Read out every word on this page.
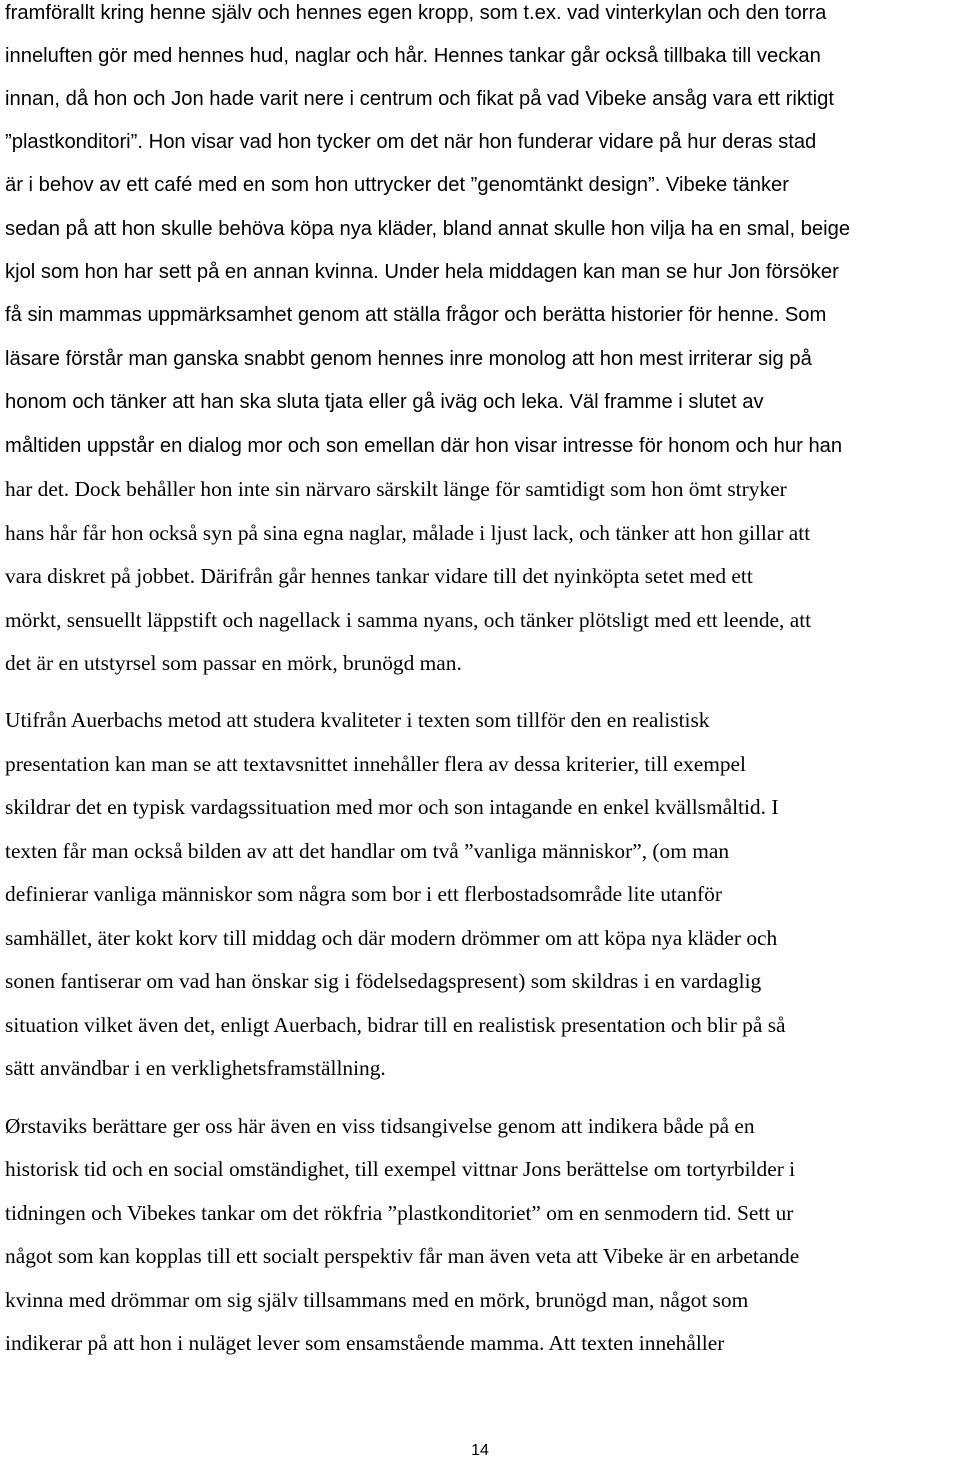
framförallt kring henne själv och hennes egen kropp, som t.ex. vad vinterkylan och den torra
inneluften gör med hennes hud, naglar och hår. Hennes tankar går också tillbaka till veckan
innan, då hon och Jon hade varit nere i centrum och fikat på vad Vibeke ansåg vara ett riktigt
”plastkonditori”. Hon visar vad hon tycker om det när hon funderar vidare på hur deras stad
är i behov av ett café med en som hon uttrycker det ”genomtänkt design”. Vibeke tänker
sedan på att hon skulle behöva köpa nya kläder, bland annat skulle hon vilja ha en smal, beige
kjol som hon har sett på en annan kvinna. Under hela middagen kan man se hur Jon försöker
få sin mammas uppmärksamhet genom att ställa frågor och berätta historier för henne. Som
läsare förstår man ganska snabbt genom hennes inre monolog att hon mest irriterar sig på
honom och tänker att han ska sluta tjata eller gå iväg och leka. Väl framme i slutet av
måltiden uppstår en dialog mor och son emellan där hon visar intresse för honom och hur han
har det. Dock behåller hon inte sin närvaro särskilt länge för samtidigt som hon ömt stryker
hans hår får hon också syn på sina egna naglar, målade i ljust lack, och tänker att hon gillar att
vara diskret på jobbet. Därifrån går hennes tankar vidare till det nyinköpta setet med ett
mörkt, sensuellt läppstift och nagellack i samma nyans, och tänker plötsligt med ett leende, att
det är en utstyrsel som passar en mörk, brunögd man.
Utifrån Auerbachs metod att studera kvaliteter i texten som tillför den en realistisk
presentation kan man se att textavsnittet innehåller flera av dessa kriterier, till exempel
skildrar det en typisk vardagssituation med mor och son intagande en enkel kvällsmåltid. I
texten får man också bilden av att det handlar om två ”vanliga människor”, (om man
definierar vanliga människor som några som bor i ett flerbostadsområde lite utanför
samhället, äter kokt korv till middag och där modern drömmer om att köpa nya kläder och
sonen fantiserar om vad han önskar sig i födelsedagspresent) som skildras i en vardaglig
situation vilket även det, enligt Auerbach, bidrar till en realistisk presentation och blir på så
sätt användbar i en verklighetsframställning.
Ørstaviks berättare ger oss här även en viss tidsangivelse genom att indikera både på en
historisk tid och en social omständighet, till exempel vittnar Jons berättelse om tortyrbilder i
tidningen och Vibekes tankar om det rökfria ”plastkonditoriet” om en senmodern tid. Sett ur
något som kan kopplas till ett socialt perspektiv får man även veta att Vibeke är en arbetande
kvinna med drömmar om sig själv tillsammans med en mörk, brunögd man, något som
indikerar på att hon i nuläget lever som ensamstående mamma. Att texten innehåller
14
